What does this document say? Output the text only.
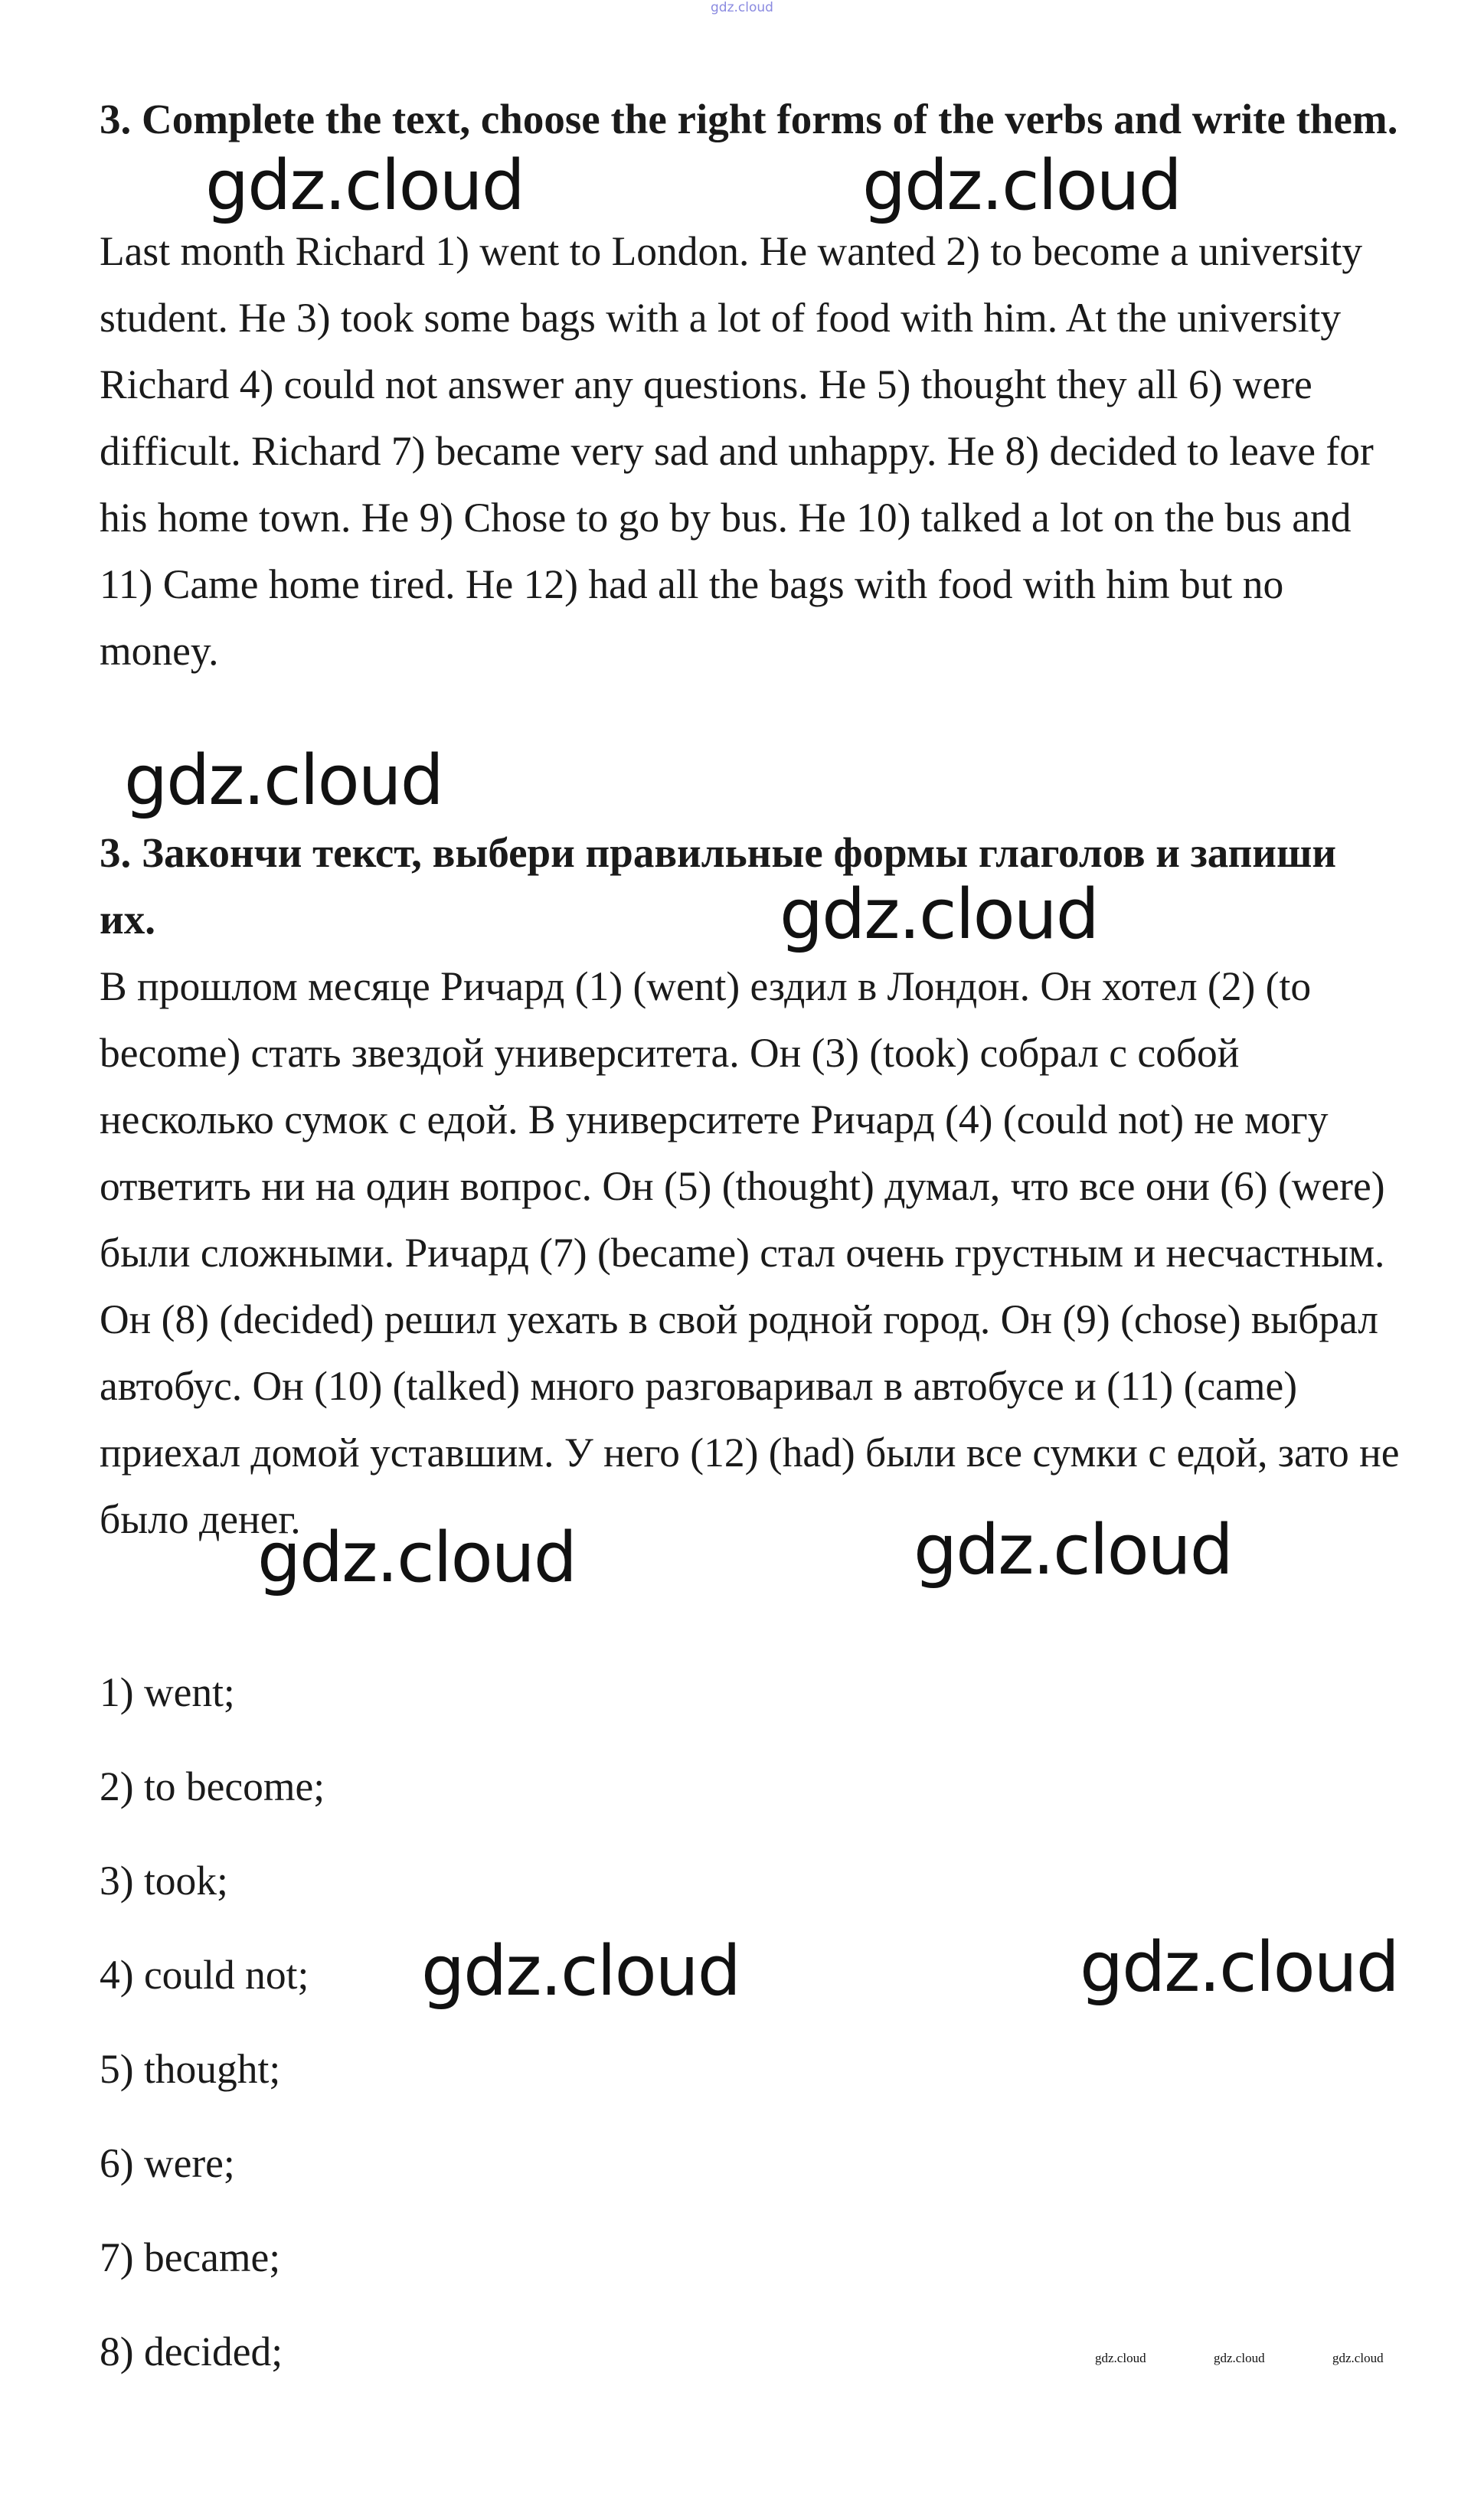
gdz.cloud
3. Complete the text, choose the right forms of the verbs and write them.

Last month Richard 1) went to London. He wanted 2) to become a university student. He 3) took some bags with a lot of food with him. At the university Richard 4) could not answer any questions. He 5) thought they all 6) were difficult. Richard 7) became very sad and unhappy. He 8) decided to leave for his home town. He 9) Chose to go by bus. He 10) talked a lot on the bus and 11) Came home tired. He 12) had all the bags with food with him but no money.

3. Закончи текст, выбери правильные формы глаголов и запиши их.

В прошлом месяце Ричард (1) (went) ездил в Лондон. Он хотел (2) (to become) стать звездой университета. Он (3) (took) собрал с собой несколько сумок с едой. В университете Ричард (4) (could not) не могу ответить ни на один вопрос. Он (5) (thought) думал, что все они (6) (were) были сложными. Ричард (7) (became) стал очень грустным и несчастным. Он (8) (decided) решил уехать в свой родной город. Он (9) (chose) выбрал автобус. Он (10) (talked) много разговаривал в автобусе и (11) (came) приехал домой уставшим. У него (12) (had) были все сумки с едой, зато не было денег.

1) went;
2) to become;
3) took;
4) could not;
5) thought;
6) were;
7) became;
8) decided;
gdz.cloud	gdz.cloud
gdz.cloud
gdz.cloud
gdz.cloud	gdz.cloud
gdz.cloud	gdz.cloud
gdz.cloud	gdz.cloud	gdz.cloud
